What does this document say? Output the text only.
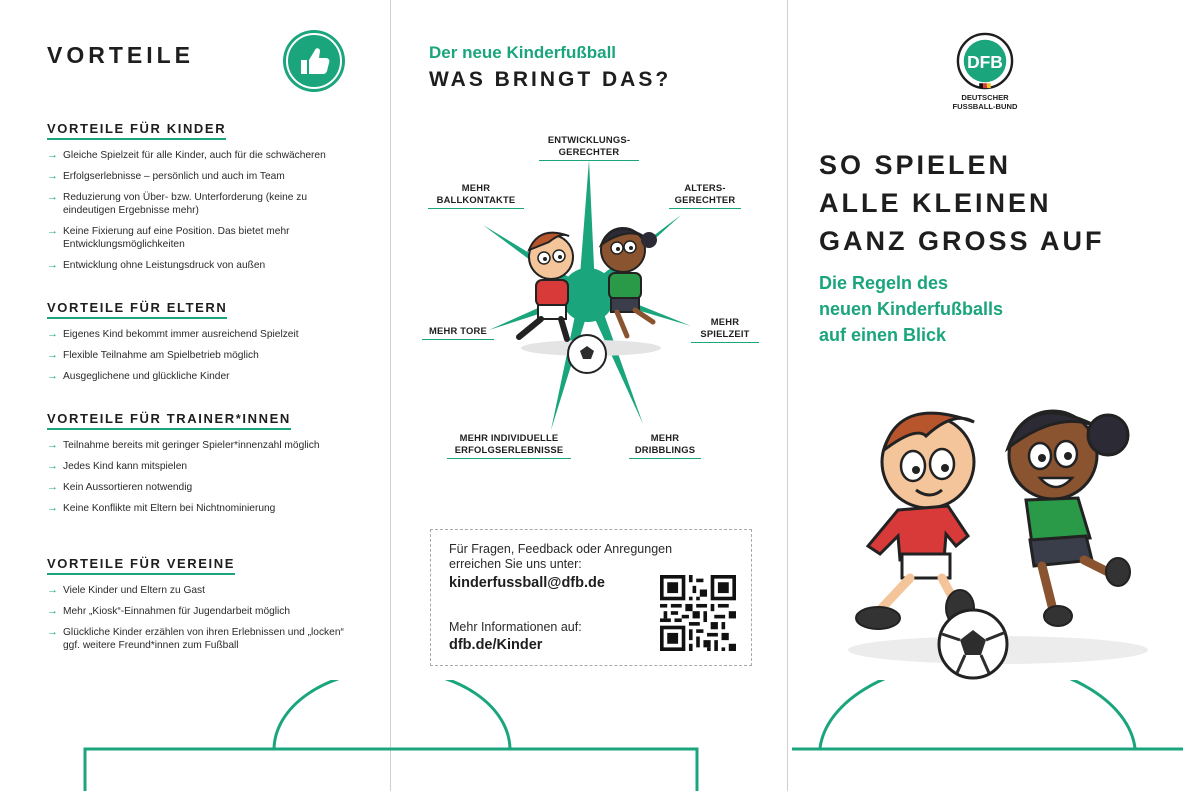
VORTEILE
VORTEILE FÜR KINDER
→ Gleiche Spielzeit für alle Kinder, auch für die schwächeren
→ Erfolgserlebnisse – persönlich und auch im Team
→ Reduzierung von Über- bzw. Unterforderung (keine zu eindeutigen Ergebnisse mehr)
→ Keine Fixierung auf eine Position. Das bietet mehr Entwicklungsmöglichkeiten
→ Entwicklung ohne Leistungsdruck von außen
VORTEILE FÜR ELTERN
→ Eigenes Kind bekommt immer ausreichend Spielzeit
→ Flexible Teilnahme am Spielbetrieb möglich
→ Ausgeglichene und glückliche Kinder
VORTEILE FÜR TRAINER*INNEN
→ Teilnahme bereits mit geringer Spieler*innenzahl möglich
→ Jedes Kind kann mitspielen
→ Kein Aussortieren notwendig
→ Keine Konflikte mit Eltern bei Nichtnominierung
VORTEILE FÜR VEREINE
→ Viele Kinder und Eltern zu Gast
→ Mehr „Kiosk“-Einnahmen für Jugendarbeit möglich
→ Glückliche Kinder erzählen von ihren Erlebnissen und „locken“ ggf. weitere Freund*innen zum Fußball
Der neue Kinderfußball
WAS BRINGT DAS?
ENTWICKLUNGS-
GERECHTER
MEHR
BALLKONTAKTE
ALTERS-
GERECHTER
MEHR TORE
MEHR
SPIELZEIT
MEHR INDIVIDUELLE
ERFOLGSERLEBNISSE
MEHR
DRIBBLINGS
Für Fragen, Feedback oder Anregungen
erreichen Sie uns unter:
kinderfussball@dfb.de
Mehr Informationen auf:
dfb.de/Kinder
DFB
DEUTSCHER
FUSSBALL-BUND
SO SPIELEN
ALLE KLEINEN
GANZ GROSS AUF
Die Regeln des
neuen Kinderfußballs
auf einen Blick
